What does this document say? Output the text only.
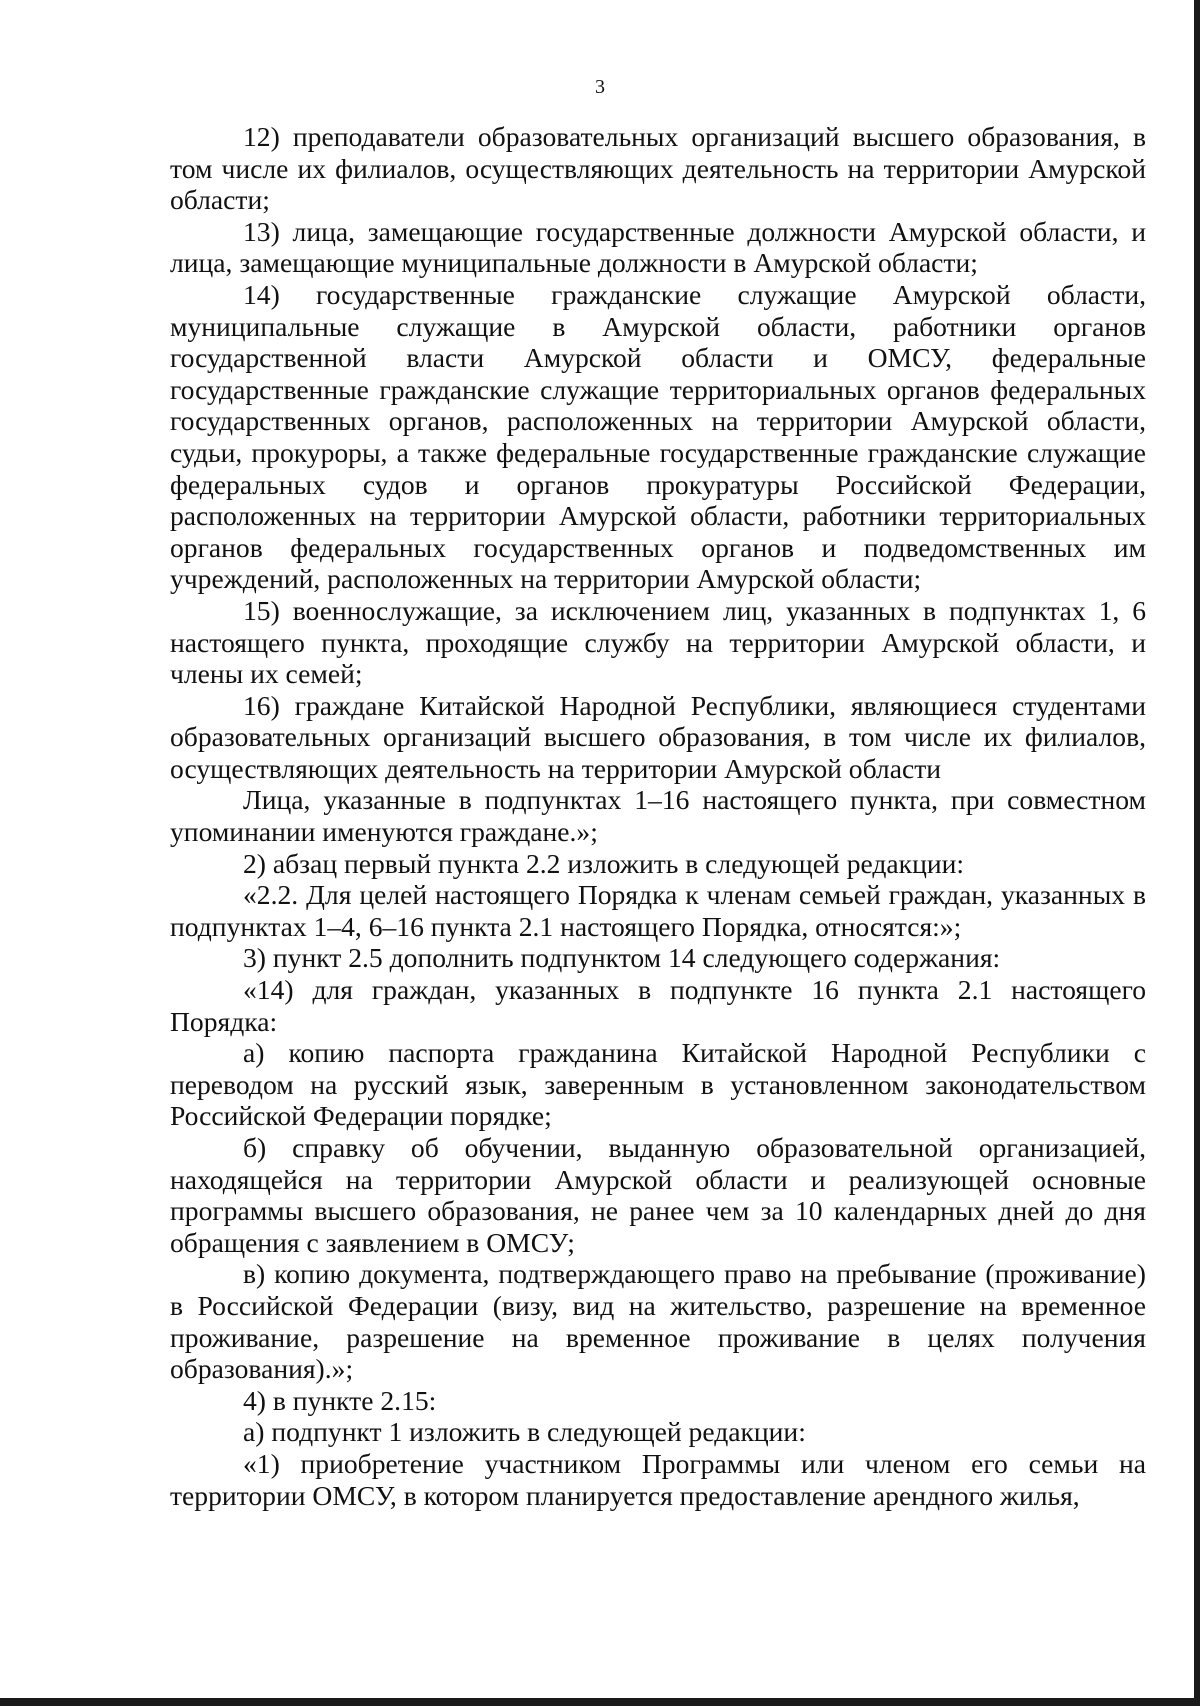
3

12) преподаватели образовательных организаций высшего образования, в том числе их филиалов, осуществляющих деятельность на территории Амурской области;

13) лица, замещающие государственные должности Амурской области, и лица, замещающие муниципальные должности в Амурской области;

14) государственные гражданские служащие Амурской области, муниципальные служащие в Амурской области, работники органов государственной власти Амурской области и ОМСУ, федеральные государственные гражданские служащие территориальных органов федеральных государственных органов, расположенных на территории Амурской области, судьи, прокуроры, а также федеральные государственные гражданские служащие федеральных судов и органов прокуратуры Российской Федерации, расположенных на территории Амурской области, работники территориальных органов федеральных государственных органов и подведомственных им учреждений, расположенных на территории Амурской области;

15) военнослужащие, за исключением лиц, указанных в подпунктах 1, 6 настоящего пункта, проходящие службу на территории Амурской области, и члены их семей;

16) граждане Китайской Народной Республики, являющиеся студентами образовательных организаций высшего образования, в том числе их филиалов, осуществляющих деятельность на территории Амурской области

Лица, указанные в подпунктах 1–16 настоящего пункта, при совместном упоминании именуются граждане.»;

2) абзац первый пункта 2.2 изложить в следующей редакции:

«2.2. Для целей настоящего Порядка к членам семьей граждан, указанных в подпунктах 1–4, 6–16 пункта 2.1 настоящего Порядка, относятся:»;

3) пункт 2.5 дополнить подпунктом 14 следующего содержания:

«14) для граждан, указанных в подпункте 16 пункта 2.1 настоящего Порядка:

а) копию паспорта гражданина Китайской Народной Республики с переводом на русский язык, заверенным в установленном законодательством Российской Федерации порядке;

б) справку об обучении, выданную образовательной организацией, находящейся на территории Амурской области и реализующей основные программы высшего образования, не ранее чем за 10 календарных дней до дня обращения с заявлением в ОМСУ;

в) копию документа, подтверждающего право на пребывание (проживание) в Российской Федерации (визу, вид на жительство, разрешение на временное проживание, разрешение на временное проживание в целях получения образования).»;

4) в пункте 2.15:

а) подпункт 1 изложить в следующей редакции:

«1) приобретение участником Программы или членом его семьи на территории ОМСУ, в котором планируется предоставление арендного жилья,
